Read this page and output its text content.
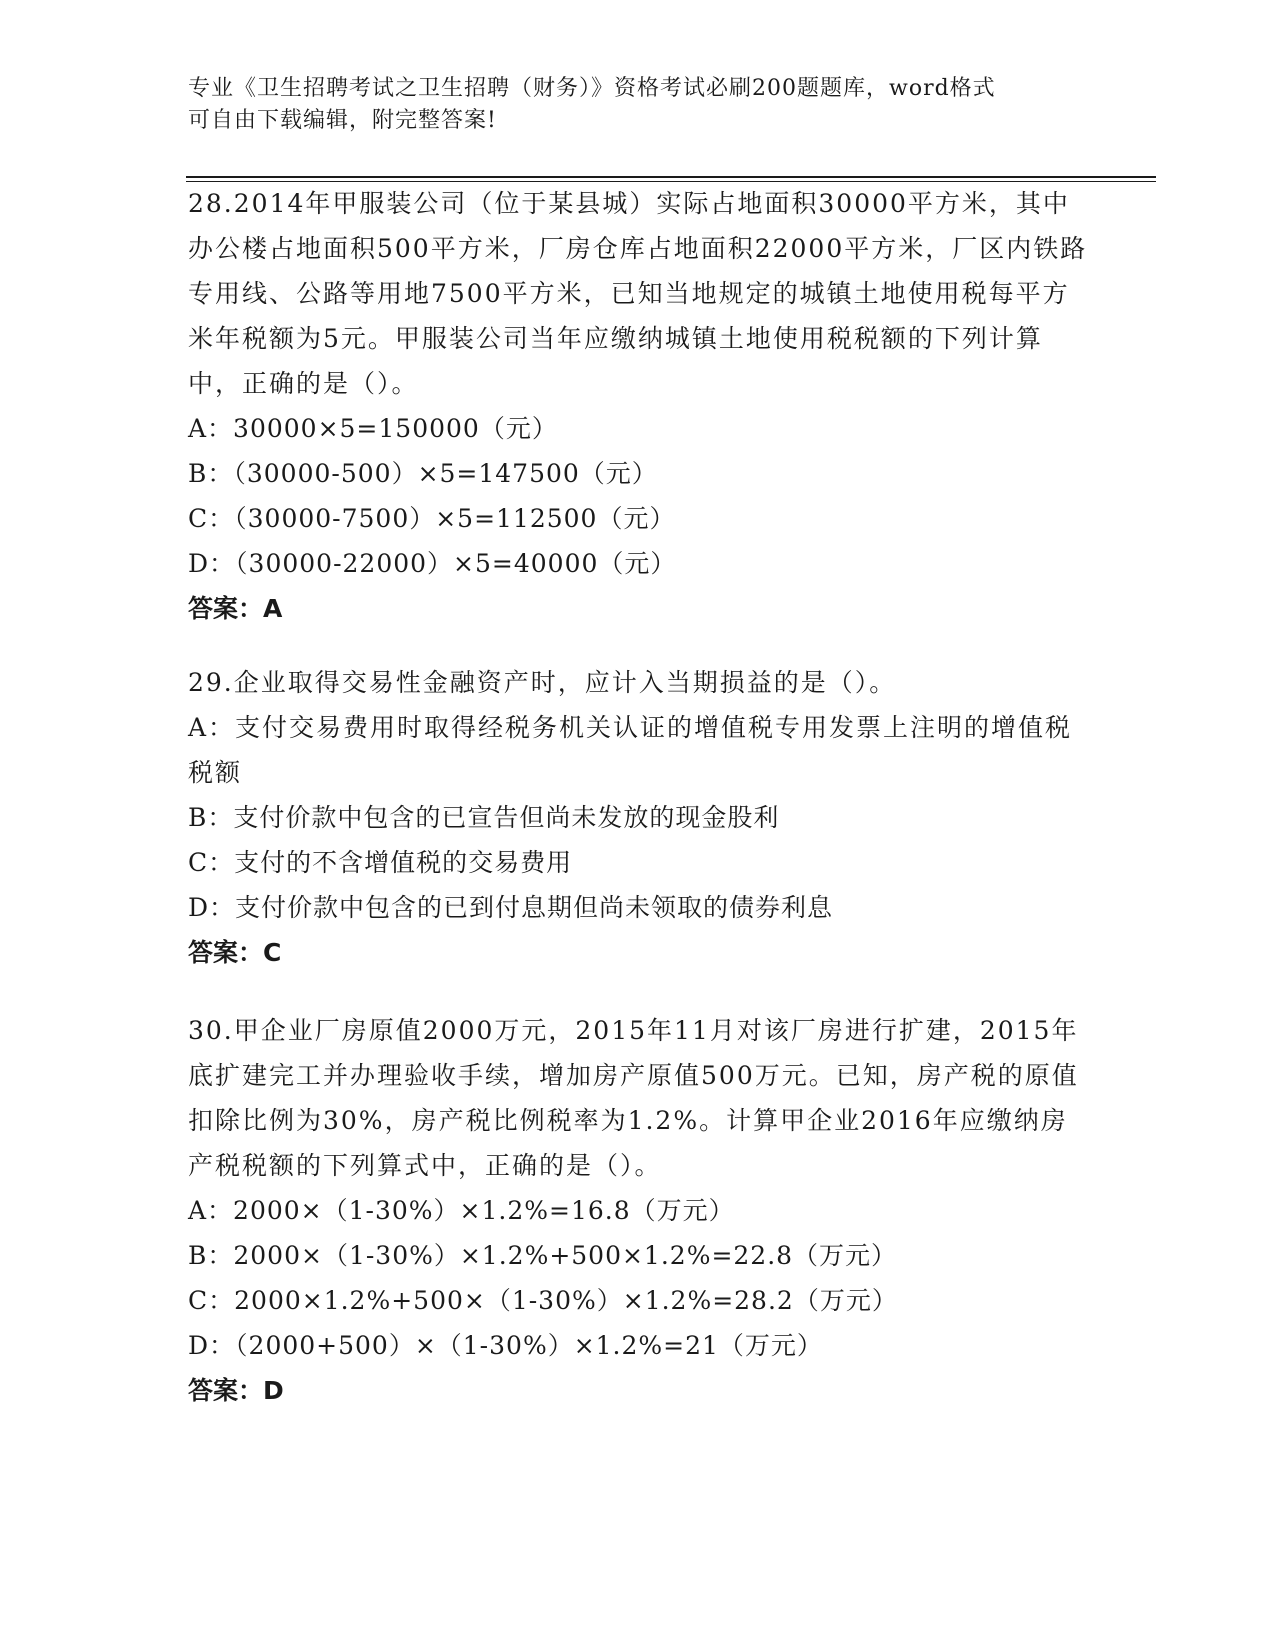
专业《卫生招聘考试之卫生招聘（财务）》资格考试必刷200题题库，word格式
可自由下载编辑，附完整答案!

28.2014年甲服装公司（位于某县城）实际占地面积30000平方米，其中办公楼占地面积500平方米，厂房仓库占地面积22000平方米，厂区内铁路专用线、公路等用地7500平方米，已知当地规定的城镇土地使用税每平方米年税额为5元。甲服装公司当年应缴纳城镇土地使用税税额的下列计算中，正确的是（）。

A：30000×5=150000（元）

B：（30000-500）×5=147500（元）

C：（30000-7500）×5=112500（元）

D：（30000-22000）×5=40000（元）

答案：A

29.企业取得交易性金融资产时，应计入当期损益的是（）。

A：支付交易费用时取得经税务机关认证的增值税专用发票上注明的增值税税额

B：支付价款中包含的已宣告但尚未发放的现金股利

C：支付的不含增值税的交易费用

D：支付价款中包含的已到付息期但尚未领取的债券利息

答案：C

30.甲企业厂房原值2000万元，2015年11月对该厂房进行扩建，2015年底扩建完工并办理验收手续，增加房产原值500万元。已知，房产税的原值扣除比例为30%，房产税比例税率为1.2%。计算甲企业2016年应缴纳房产税税额的下列算式中，正确的是（）。

A：2000×（1-30%）×1.2%=16.8（万元）

B：2000×（1-30%）×1.2%+500×1.2%=22.8（万元）

C：2000×1.2%+500×（1-30%）×1.2%=28.2（万元）

D：（2000+500）×（1-30%）×1.2%=21（万元）

答案：D
